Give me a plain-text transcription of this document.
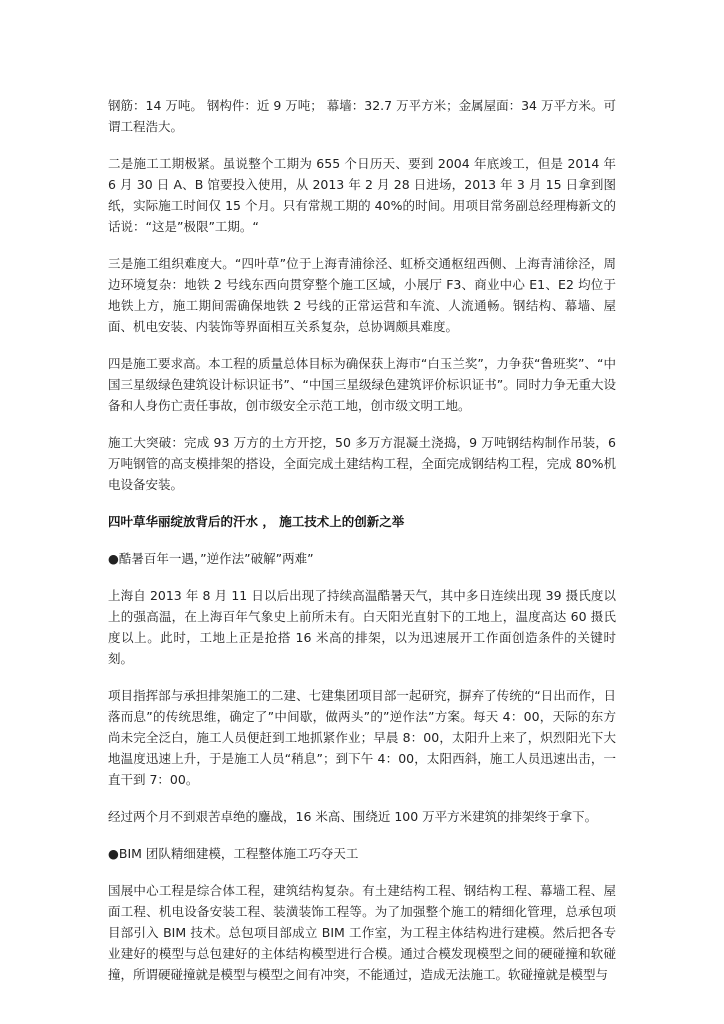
钢筋：14 万吨。 钢构件：近 9 万吨； 幕墙：32.7 万平方米；金属屋面：34 万平方米。可谓工程浩大。

二是施工工期极紧。虽说整个工期为 655 个日历天、要到 2004 年底竣工，但是 2014 年 6 月 30 日 A、B 馆要投入使用，从 2013 年 2 月 28 日进场，2013 年 3 月 15 日拿到图纸，实际施工时间仅 15 个月。只有常规工期的 40%的时间。用项目常务副总经理梅新文的话说：“这是”极限”工期。“

三是施工组织难度大。“四叶草”位于上海青浦徐泾、虹桥交通枢纽西侧、上海青浦徐泾，周边环境复杂：地铁 2 号线东西向贯穿整个施工区域，小展厅 F3、商业中心 E1、E2 均位于地铁上方，施工期间需确保地铁 2 号线的正常运营和车流、人流通畅。钢结构、幕墙、屋面、机电安装、内装饰等界面相互关系复杂，总协调颇具难度。

四是施工要求高。本工程的质量总体目标为确保获上海市“白玉兰奖”，力争获“鲁班奖”、“中国三星级绿色建筑设计标识证书”、“中国三星级绿色建筑评价标识证书”。同时力争无重大设备和人身伤亡责任事故，创市级安全示范工地，创市级文明工地。

施工大突破：完成 93 万方的土方开挖，50 多万方混凝土浇捣，9 万吨钢结构制作吊装，6 万吨钢管的高支模排架的搭设，全面完成土建结构工程，全面完成钢结构工程，完成 80%机电设备安装。

四叶草华丽绽放背后的汗水 ， 施工技术上的创新之举

●酷暑百年一遇，”逆作法”破解”两难”

上海自 2013 年 8 月 11 日以后出现了持续高温酷暑天气，其中多日连续出现 39 摄氏度以上的强高温，在上海百年气象史上前所未有。白天阳光直射下的工地上，温度高达 60 摄氏度以上。此时，工地上正是抢搭 16 米高的排架，以为迅速展开工作面创造条件的关键时刻。

项目指挥部与承担排架施工的二建、七建集团项目部一起研究，摒弃了传统的“日出而作，日落而息”的传统思维，确定了”中间歇，做两头”的”逆作法”方案。每天 4：00，天际的东方尚未完全泛白，施工人员便赶到工地抓紧作业；早晨 8：00，太阳升上来了，炽烈阳光下大地温度迅速上升，于是施工人员“稍息”；到下午 4：00，太阳西斜，施工人员迅速出击，一直干到 7：00。

经过两个月不到艰苦卓绝的鏖战，16 米高、围绕近 100 万平方米建筑的排架终于拿下。

●BIM 团队精细建模，工程整体施工巧夺天工

国展中心工程是综合体工程，建筑结构复杂。有土建结构工程、钢结构工程、幕墙工程、屋面工程、机电设备安装工程、装潢装饰工程等。为了加强整个施工的精细化管理，总承包项目部引入 BIM 技术。总包项目部成立 BIM 工作室，为工程主体结构进行建模。然后把各专业建好的模型与总包建好的主体结构模型进行合模。通过合模发现模型之间的硬碰撞和软碰撞，所谓硬碰撞就是模型与模型之间有冲突，不能通过，造成无法施工。软碰撞就是模型与
